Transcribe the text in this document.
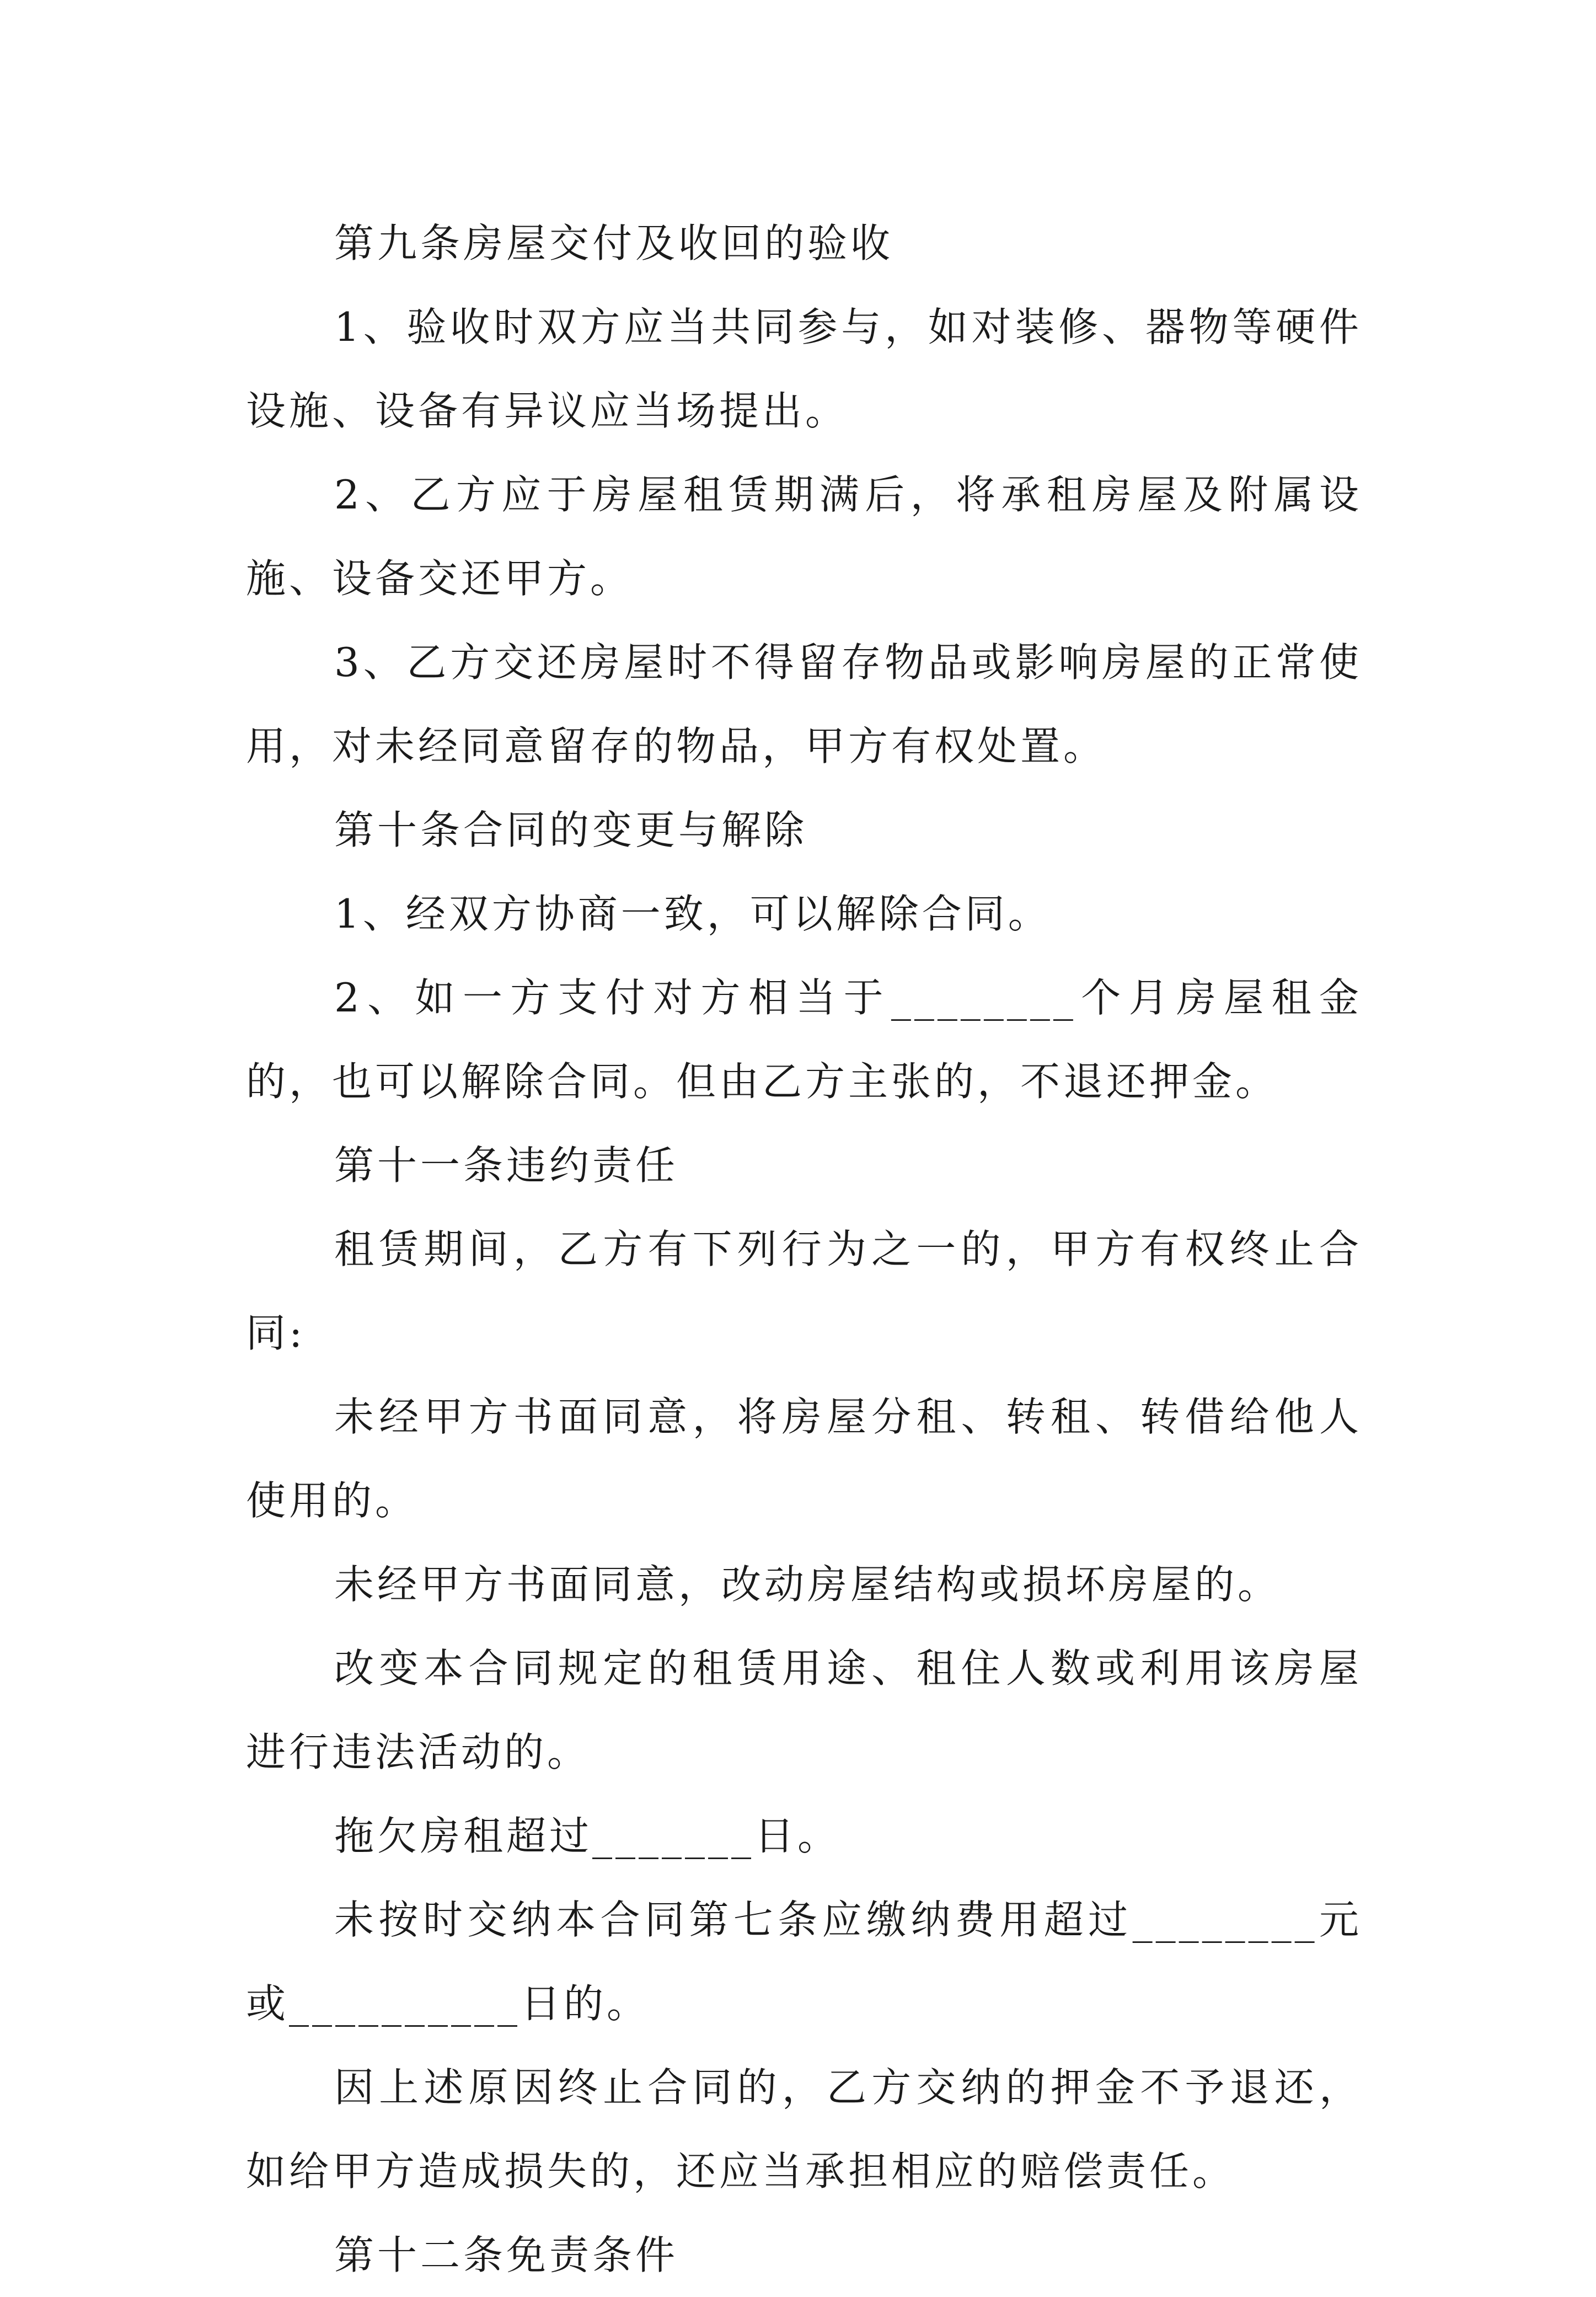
第九条房屋交付及收回的验收

1、验收时双方应当共同参与，如对装修、器物等硬件设施、设备有异议应当场提出。

2、乙方应于房屋租赁期满后，将承租房屋及附属设施、设备交还甲方。

3、乙方交还房屋时不得留存物品或影响房屋的正常使用，对未经同意留存的物品，甲方有权处置。

第十条合同的变更与解除

1、经双方协商一致，可以解除合同。

2、如一方支付对方相当于________个月房屋租金的，也可以解除合同。但由乙方主张的，不退还押金。

第十一条违约责任

租赁期间，乙方有下列行为之一的，甲方有权终止合同:

未经甲方书面同意，将房屋分租、转租、转借给他人使用的。

未经甲方书面同意，改动房屋结构或损坏房屋的。

改变本合同规定的租赁用途、租住人数或利用该房屋进行违法活动的。

拖欠房租超过_______日。

未按时交纳本合同第七条应缴纳费用超过________元或__________日的。

因上述原因终止合同的，乙方交纳的押金不予退还，如给甲方造成损失的，还应当承担相应的赔偿责任。

第十二条免责条件
